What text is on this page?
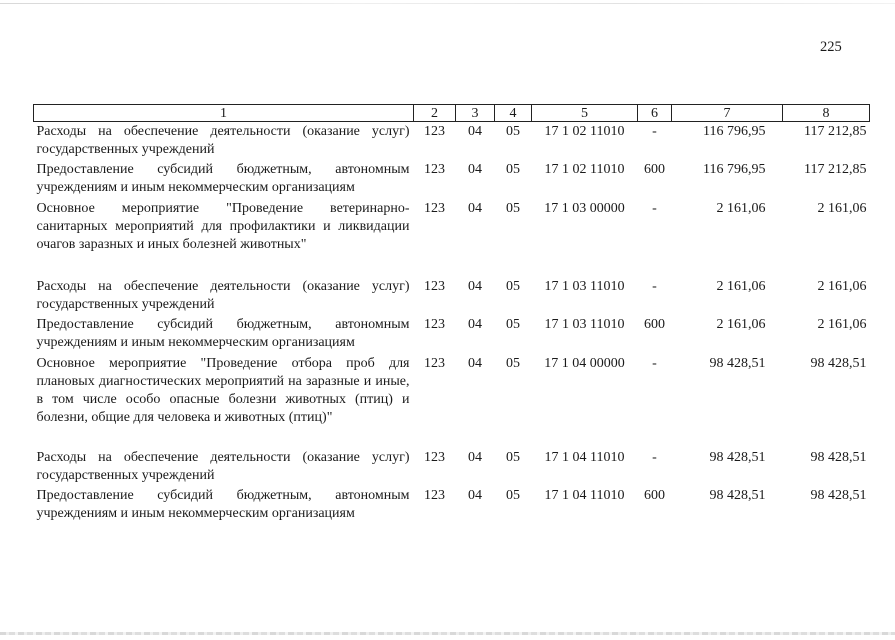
225
1	2	3	4	5	6	7	8
Расходы на обеспечение деятельности (оказание услуг) государственных учреждений	123	04	05	17 1 02 11010	-	116 796,95	117 212,85
Предоставление субсидий бюджетным, автономным учреждениям и иным некоммерческим организациям	123	04	05	17 1 02 11010	600	116 796,95	117 212,85
Основное мероприятие "Проведение ветеринарно-санитарных мероприятий для профилактики и ликвидации очагов заразных и иных болезней животных"	123	04	05	17 1 03 00000	-	2 161,06	2 161,06

Расходы на обеспечение деятельности (оказание услуг) государственных учреждений	123	04	05	17 1 03 11010	-	2 161,06	2 161,06
Предоставление субсидий бюджетным, автономным учреждениям и иным некоммерческим организациям	123	04	05	17 1 03 11010	600	2 161,06	2 161,06
Основное мероприятие "Проведение отбора проб для плановых диагностических мероприятий на заразные и иные, в том числе особо опасные болезни животных (птиц) и болезни, общие для человека и животных (птиц)"	123	04	05	17 1 04 00000	-	98 428,51	98 428,51

Расходы на обеспечение деятельности (оказание услуг) государственных учреждений	123	04	05	17 1 04 11010	-	98 428,51	98 428,51
Предоставление субсидий бюджетным, автономным учреждениям и иным некоммерческим организациям	123	04	05	17 1 04 11010	600	98 428,51	98 428,51
